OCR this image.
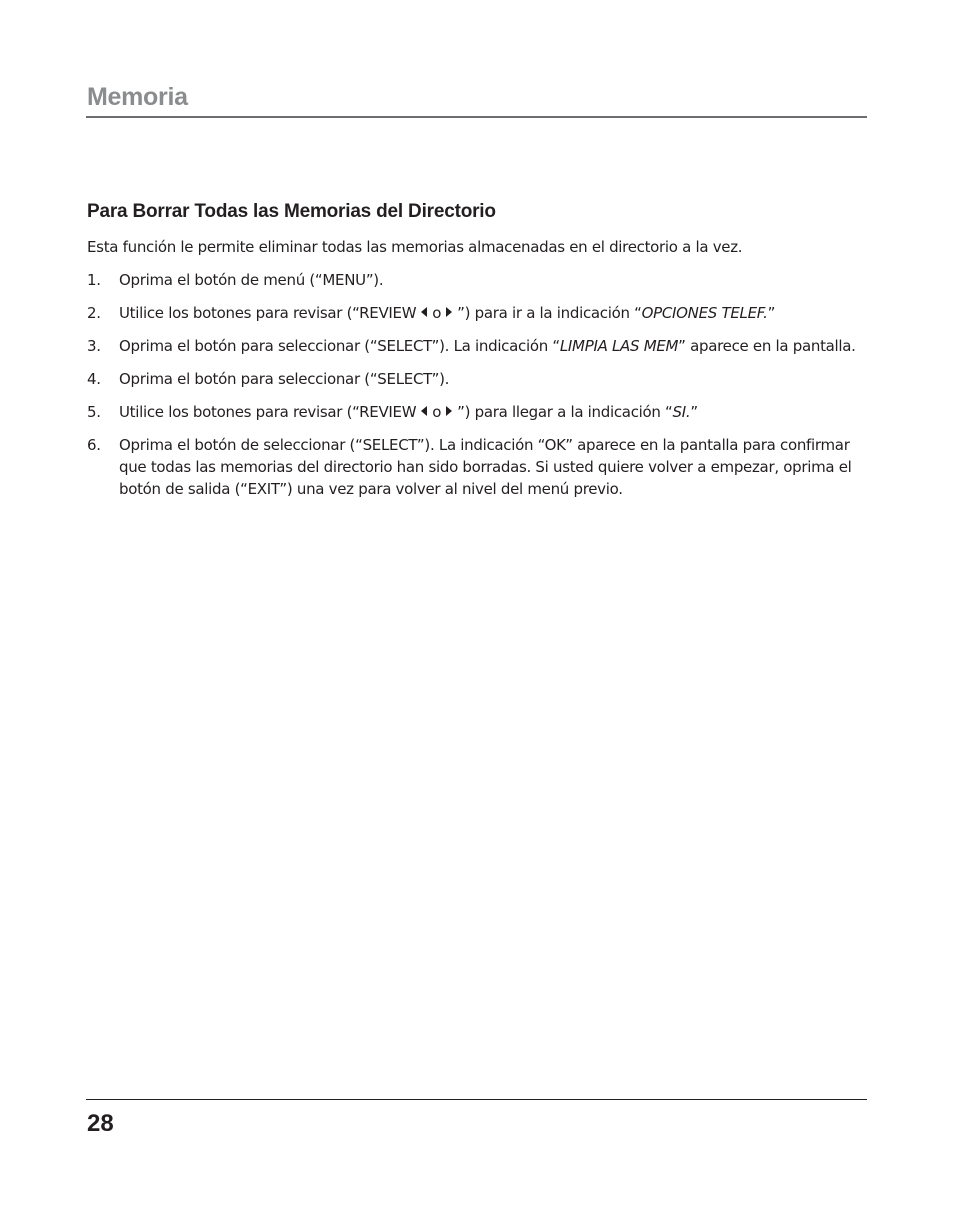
Memoria
Para Borrar Todas las Memorias del Directorio

Esta función le permite eliminar todas las memorias almacenadas en el directorio a la vez.

1. Oprima el botón de menú (“MENU”).
2. Utilice los botones para revisar (“REVIEW o ”) para ir a la indicación “OPCIONES TELEF.”
3. Oprima el botón para seleccionar (“SELECT”). La indicación “LIMPIA LAS MEM” aparece en la pantalla.
4. Oprima el botón para seleccionar (“SELECT”).
5. Utilice los botones para revisar (“REVIEW o ”) para llegar a la indicación “SI.”
6. Oprima el botón de seleccionar (“SELECT”). La indicación “OK” aparece en la pantalla para confirmar que todas las memorias del directorio han sido borradas. Si usted quiere volver a empezar, oprima el botón de salida (“EXIT”) una vez para volver al nivel del menú previo.

28
